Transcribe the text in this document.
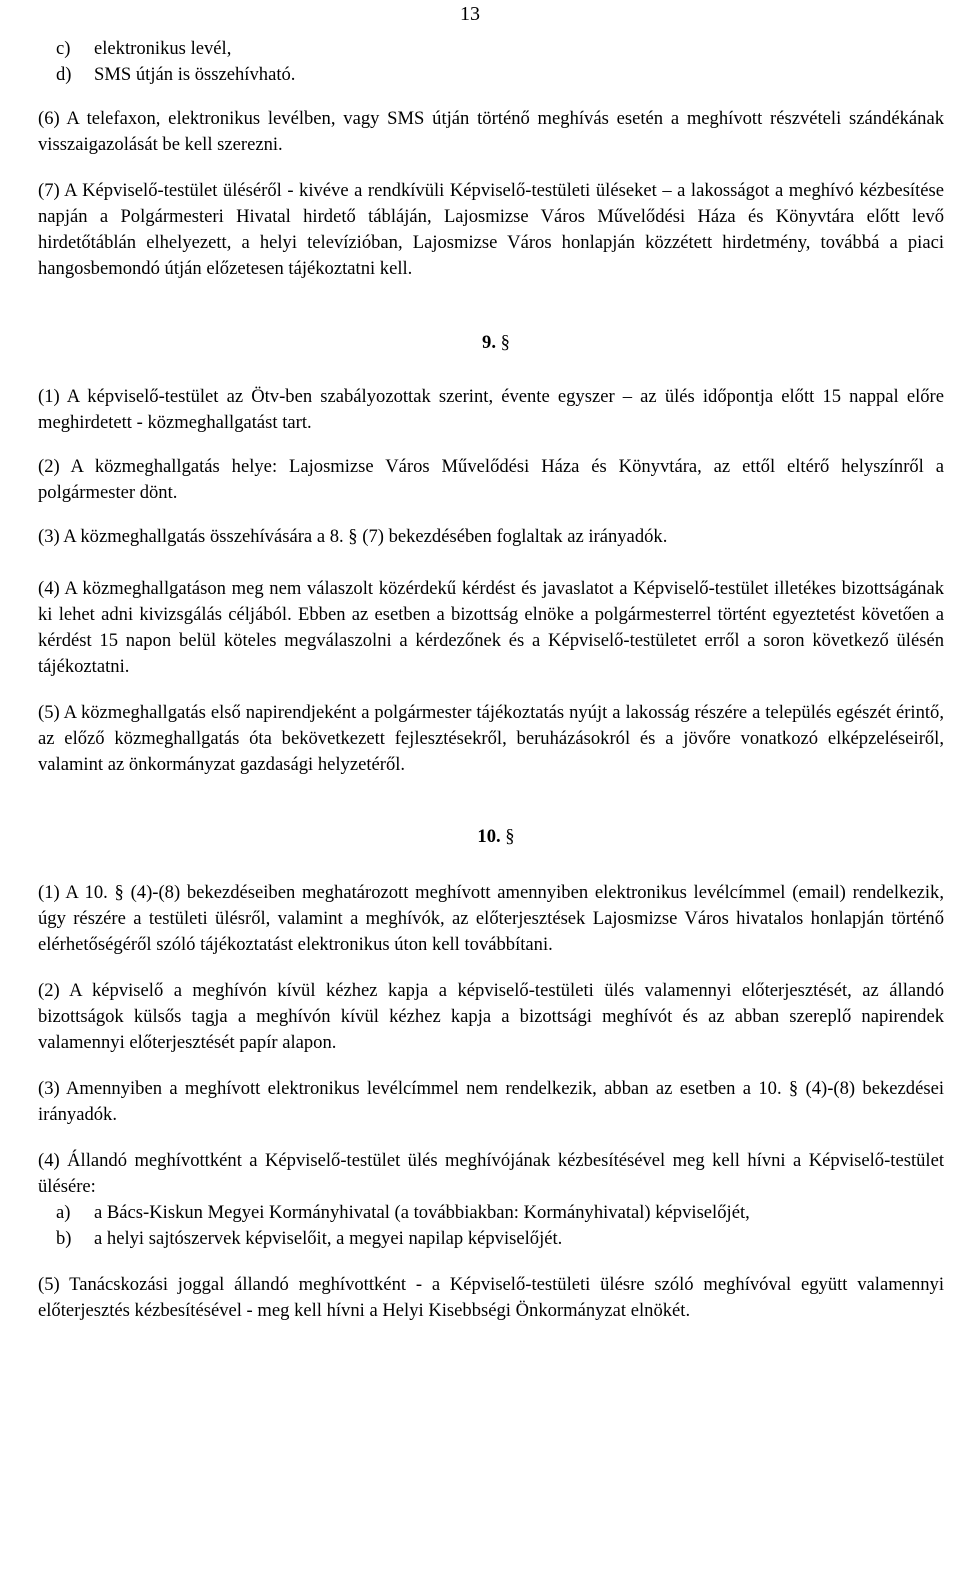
13
c)	elektronikus levél,
d)	SMS útján is összehívható.

(6) A telefaxon, elektronikus levélben, vagy SMS útján történő meghívás esetén a meghívott részvételi szándékának visszaigazolását be kell szerezni.

(7) A Képviselő-testület üléséről - kivéve a rendkívüli Képviselő-testületi üléseket – a lakosságot a meghívó kézbesítése napján a Polgármesteri Hivatal hirdető tábláján, Lajosmizse Város Művelődési Háza és Könyvtára előtt levő hirdetőtáblán elhelyezett, a helyi televízióban, Lajosmizse Város honlapján közzétett hirdetmény, továbbá a piaci hangosbemondó útján előzetesen tájékoztatni kell.

9. §

(1) A képviselő-testület az Ötv-ben szabályozottak szerint, évente egyszer – az ülés időpontja előtt 15 nappal előre meghirdetett - közmeghallgatást tart.

(2) A közmeghallgatás helye: Lajosmizse Város Művelődési Háza és Könyvtára, az ettől eltérő helyszínről a polgármester dönt.

(3) A közmeghallgatás összehívására a 8. § (7) bekezdésében foglaltak az irányadók.

(4) A közmeghallgatáson meg nem válaszolt közérdekű kérdést és javaslatot a Képviselő-testület illetékes bizottságának ki lehet adni kivizsgálás céljából. Ebben az esetben a bizottság elnöke a polgármesterrel történt egyeztetést követően a kérdést 15 napon belül köteles megválaszolni a kérdezőnek és a Képviselő-testületet erről a soron következő ülésén tájékoztatni.

(5) A közmeghallgatás első napirendjeként a polgármester tájékoztatás nyújt a lakosság részére a település egészét érintő, az előző közmeghallgatás óta bekövetkezett fejlesztésekről, beruházásokról és a jövőre vonatkozó elképzeléseiről, valamint az önkormányzat gazdasági helyzetéről.

10. §

(1) A 10. § (4)-(8) bekezdéseiben meghatározott meghívott amennyiben elektronikus levélcímmel (email) rendelkezik, úgy részére a testületi ülésről, valamint a meghívók, az előterjesztések Lajosmizse Város hivatalos honlapján történő elérhetőségéről szóló tájékoztatást elektronikus úton kell továbbítani.

(2) A képviselő a meghívón kívül kézhez kapja a képviselő-testületi ülés valamennyi előterjesztését, az állandó bizottságok külsős tagja a meghívón kívül kézhez kapja a bizottsági meghívót és az abban szereplő napirendek valamennyi előterjesztését papír alapon.

(3) Amennyiben a meghívott elektronikus levélcímmel nem rendelkezik, abban az esetben a 10. § (4)-(8) bekezdései irányadók.

(4) Állandó meghívottként a Képviselő-testület ülés meghívójának kézbesítésével meg kell hívni a Képviselő-testület ülésére:

a)	a Bács-Kiskun Megyei Kormányhivatal (a továbbiakban: Kormányhivatal) képviselőjét,
b)	a helyi sajtószervek képviselőit, a megyei napilap képviselőjét.

(5) Tanácskozási joggal állandó meghívottként - a Képviselő-testületi ülésre szóló meghívóval együtt valamennyi előterjesztés kézbesítésével - meg kell hívni a Helyi Kisebbségi Önkormányzat elnökét.
